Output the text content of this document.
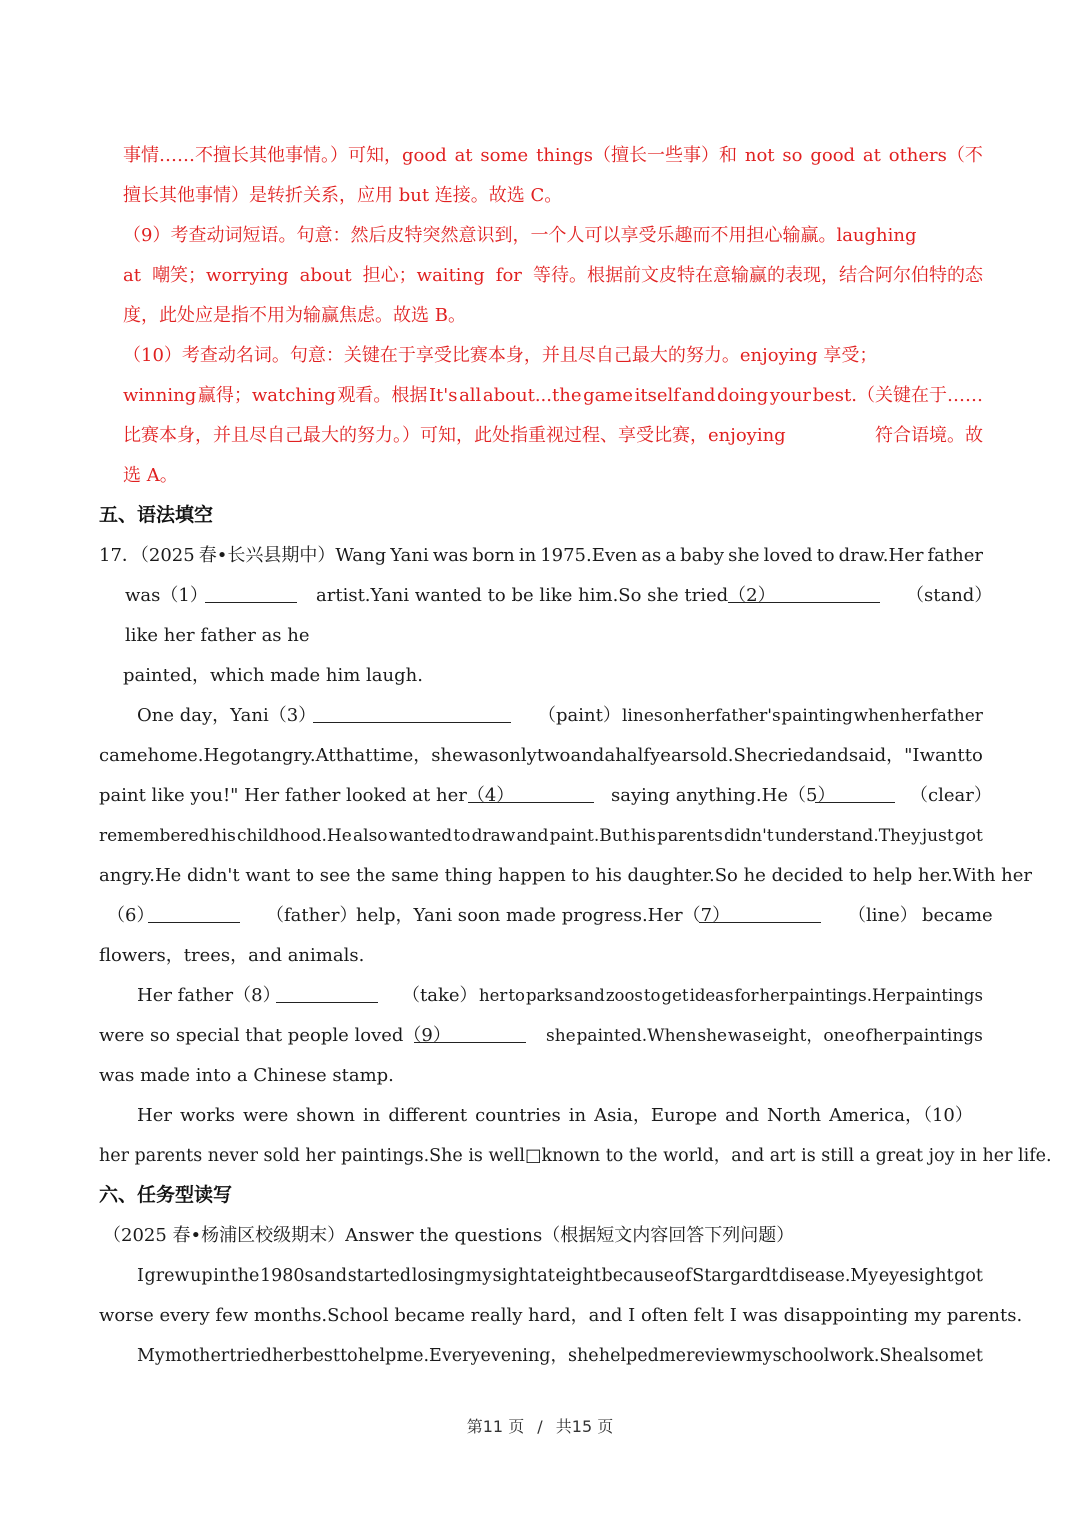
事情……不擅长其他事情。）可知，good at some things（擅长一些事）和 not so good at others（不
擅长其他事情）是转折关系，应用 but 连接。故选 C。
（9）考查动词短语。句意：然后皮特突然意识到，一个人可以享受乐趣而不用担心输赢。laughing
at 嘲笑；worrying about 担心；waiting for 等待。根据前文皮特在意输赢的表现，结合阿尔伯特的态
度，此处应是指不用为输赢焦虑。故选 B。
（10）考查动名词。句意：关键在于享受比赛本身，并且尽自己最大的努力。enjoying 享受；
winning 赢得；watching 观看。根据 It's all about...the game itself and doing your best.（关键在于……
比赛本身，并且尽自己最大的努力。）可知，此处指重视过程、享受比赛，enjoying	符合语境。故
选 A。
五、语法填空
17．（2025 春•长兴县期中）Wang Yani was born in 1975.Even as a baby she loved to draw.Her father
was（1）	artist.Yani wanted to be like him.So she tried（2）	（stand）
like her father as he
painted，which made him laugh.
One day，Yani（3）	（paint） lines on her father's painting when her father
came home.He got angry.At that time，she was only two and a half years old.She cried and said，"I want to
paint like you!" Her father looked at her（4）	saying anything.He（5）	（clear）
remembered his childhood.He also wanted to draw and paint.But his parents didn't understand.They just got
angry.He didn't want to see the same thing happen to his daughter.So he decided to help her.With her
（6）	（father）
help，Yani soon made progress.Her（7）	（line） became
flowers，trees，and animals.
Her father（8）	（take） her to parks and zoos to get ideas for her paintings.Her paintings
were so special that people loved（9）	she painted.When she was eight，one of her paintings
was made into a Chinese stamp.
Her works were shown in different countries in Asia，Europe and North America，（10）
her parents never sold her paintings.She is well□known to the world，and art is still a great joy in her life.
六、任务型读写
（2025 春•杨浦区校级期末）Answer the questions（根据短文内容回答下列问题）
I grew up in the 1980s and started losing my sight at eight because of Stargardt disease.My eyesight got
worse every few months.School became really hard，and I often felt I was disappointing my parents.
My mother tried her best to help me.Every evening，she helped me review my schoolwork.She also met
第11 页 / 共15 页
